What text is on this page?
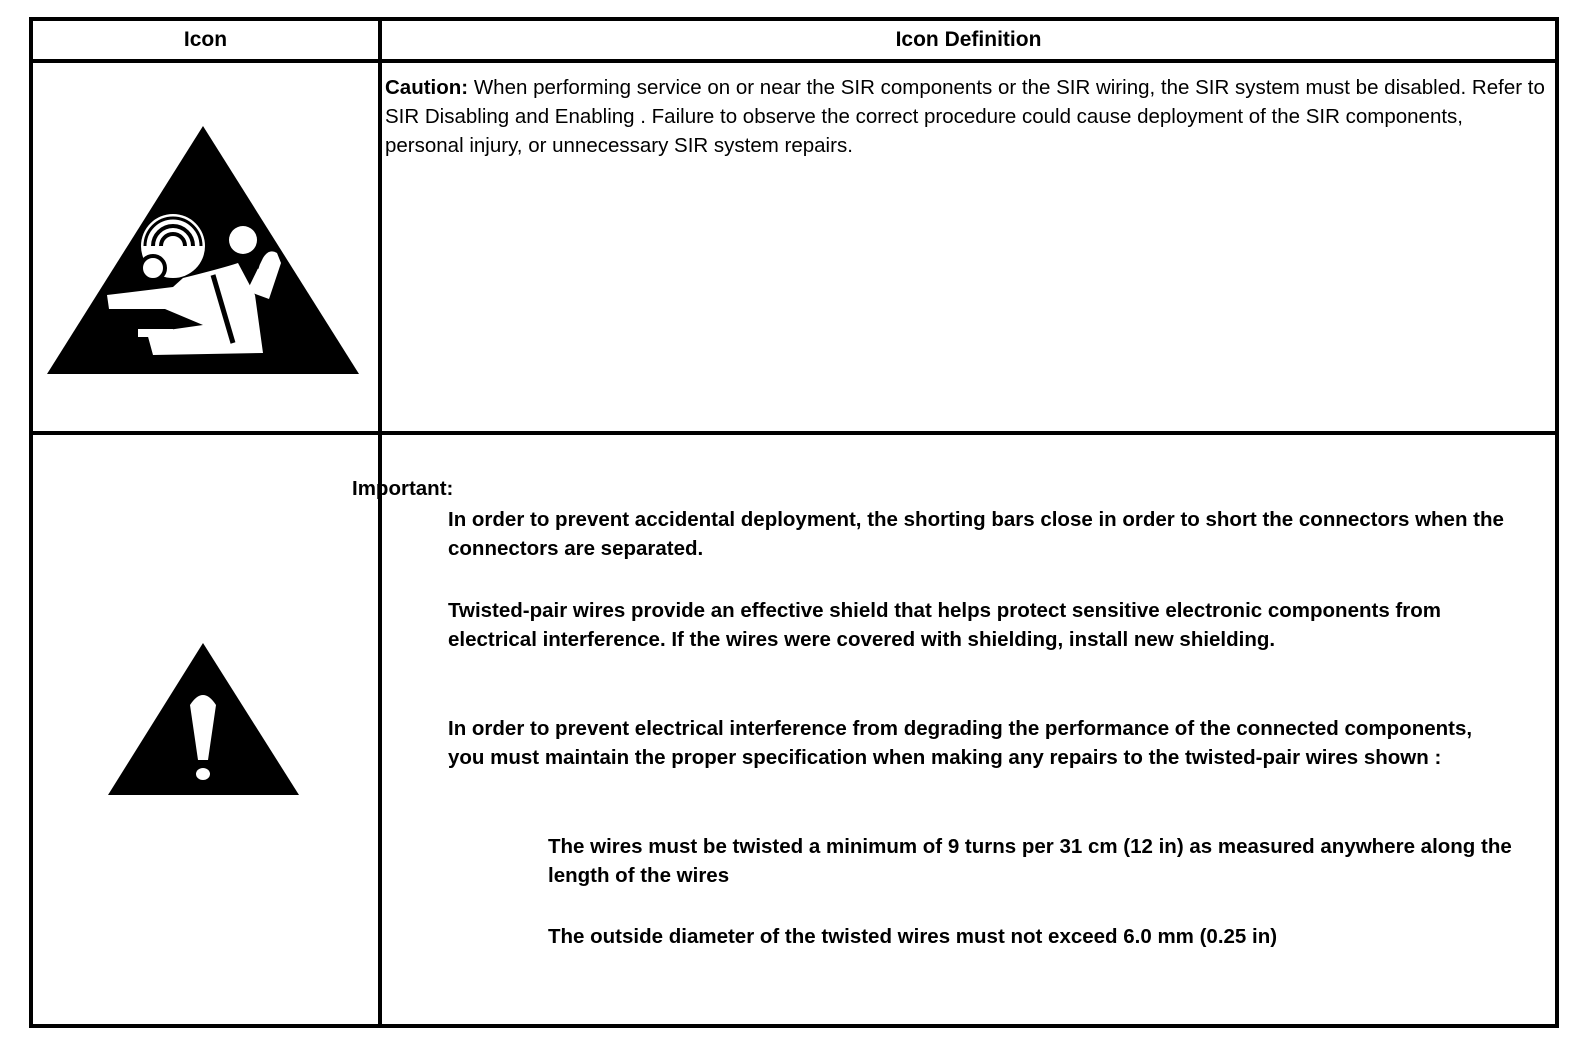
Icon	Icon Definition
Caution: When performing service on or near the SIR components or the SIR wiring, the SIR system must be disabled. Refer to SIR Disabling and Enabling . Failure to observe the correct procedure could cause deployment of the SIR components, personal injury, or unnecessary SIR system repairs.
Important:
In order to prevent accidental deployment, the shorting bars close in order to short the connectors when the connectors are separated.
Twisted-pair wires provide an effective shield that helps protect sensitive electronic components from electrical interference. If the wires were covered with shielding, install new shielding.
In order to prevent electrical interference from degrading the performance of the connected components, you must maintain the proper specification when making any repairs to the twisted-pair wires shown :
The wires must be twisted a minimum of 9 turns per 31 cm (12 in) as measured anywhere along the length of the wires
The outside diameter of the twisted wires must not exceed 6.0 mm (0.25 in)
